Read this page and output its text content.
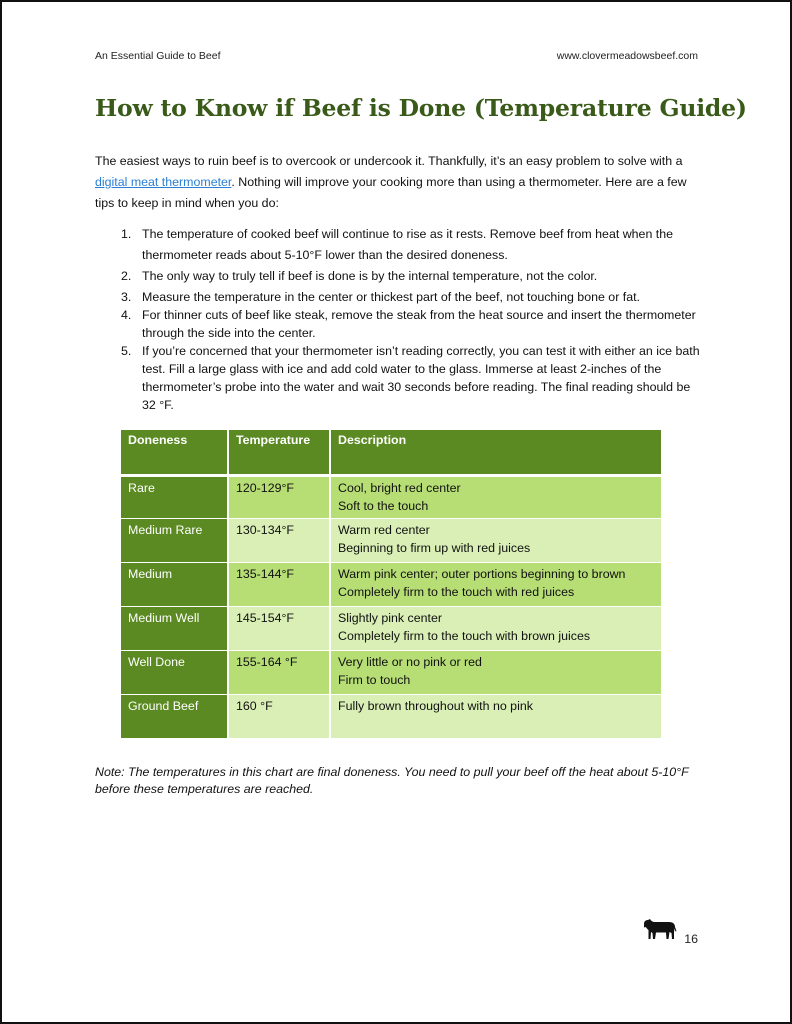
An Essential Guide to Beef	www.clovermeadowsbeef.com
How to Know if Beef is Done (Temperature Guide)

The easiest ways to ruin beef is to overcook or undercook it. Thankfully, it’s an easy problem to solve with a digital meat thermometer. Nothing will improve your cooking more than using a thermometer. Here are a few tips to keep in mind when you do:

1. The temperature of cooked beef will continue to rise as it rests. Remove beef from heat when the thermometer reads about 5-10°F lower than the desired doneness.
2. The only way to truly tell if beef is done is by the internal temperature, not the color.
3. Measure the temperature in the center or thickest part of the beef, not touching bone or fat.
4. For thinner cuts of beef like steak, remove the steak from the heat source and insert the thermometer through the side into the center.
5. If you’re concerned that your thermometer isn’t reading correctly, you can test it with either an ice bath test. Fill a large glass with ice and add cold water to the glass. Immerse at least 2-inches of the thermometer’s probe into the water and wait 30 seconds before reading. The final reading should be 32 °F.
Doneness	Temperature	Description
Rare	120-129°F	Cool, bright red center
Soft to the touch

Medium Rare	130-134°F	Warm red center
Beginning to firm up with red juices

Medium	135-144°F	Warm pink center; outer portions beginning to brown
Completely firm to the touch with red juices

Medium Well	145-154°F	Slightly pink center
Completely firm to the touch with brown juices

Well Done	155-164 °F	Very little or no pink or red
Firm to touch

Ground Beef	160 °F	Fully brown throughout with no pink

Note: The temperatures in this chart are final doneness. You need to pull your beef off the heat about 5-10°F before these temperatures are reached.

16
